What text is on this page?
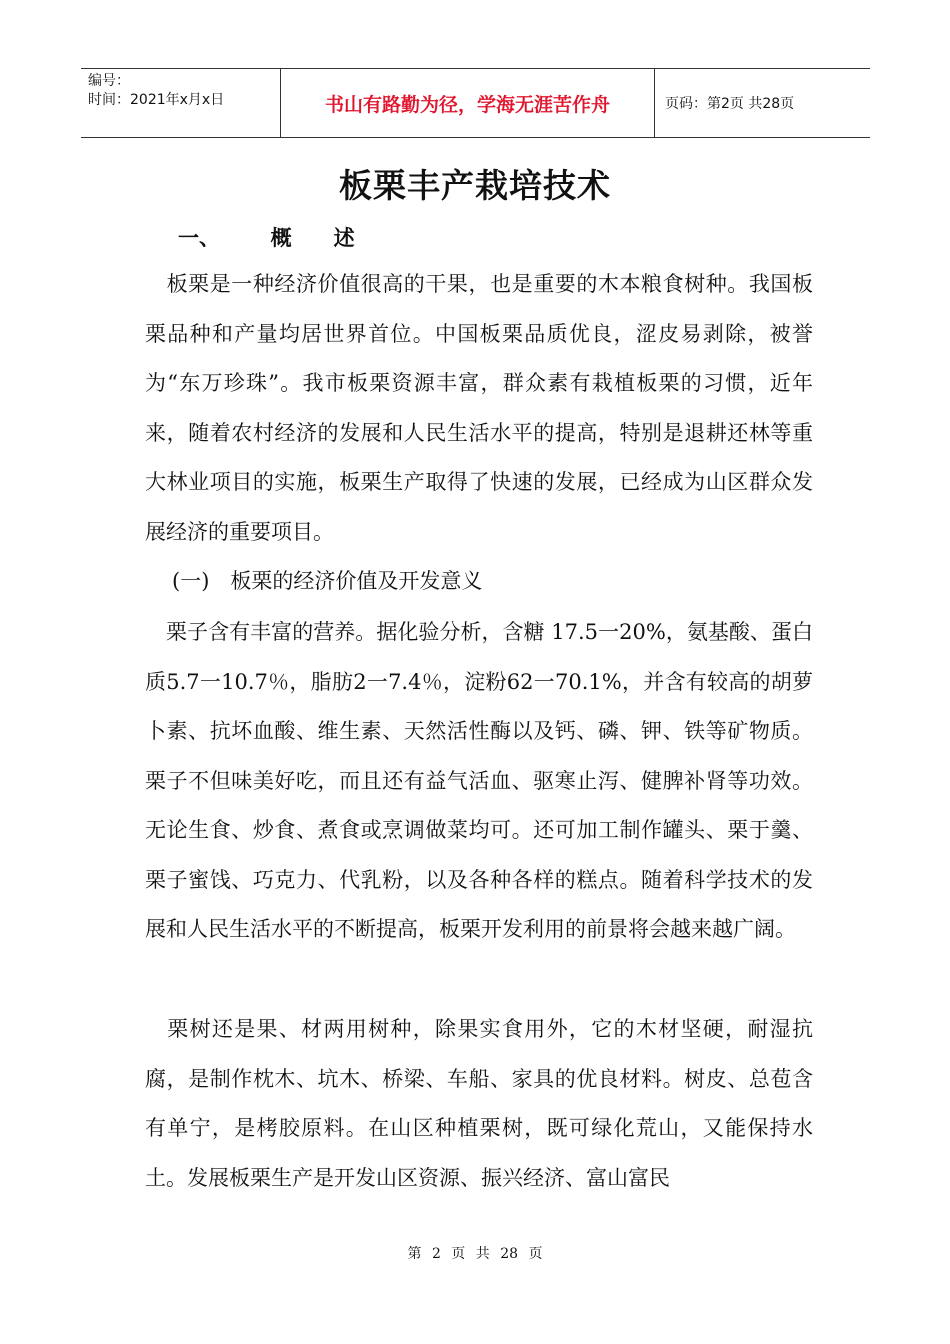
编号：
时间：2021年x月x日	书山有路勤为径，学海无涯苦作舟	页码：第2页 共28页
板栗丰产栽培技术
一、 概　　述

　板栗是一种经济价值很高的干果，也是重要的木本粮食树种。我国板栗品种和产量均居世界首位。中国板栗品质优良，涩皮易剥除，被誉为“东万珍珠”。我市板栗资源丰富，群众素有栽植板栗的习惯，近年来，随着农村经济的发展和人民生活水平的提高，特别是退耕还林等重大林业项目的实施，板栗生产取得了快速的发展，已经成为山区群众发展经济的重要项目。

(一)　板栗的经济价值及开发意义

　栗子含有丰富的营养。据化验分析，含糖 17.5一20%，氨基酸、蛋白质5.7一10.7％，脂肪2一7.4％，淀粉62一70.1%，并含有较高的胡萝卜素、抗坏血酸、维生素、天然活性酶以及钙、磷、钾、铁等矿物质。栗子不但味美好吃，而且还有益气活血、驱寒止泻、健脾补肾等功效。无论生食、炒食、煮食或烹调做菜均可。还可加工制作罐头、栗于羹、栗子蜜饯、巧克力、代乳粉，以及各种各样的糕点。随着科学技术的发展和人民生活水平的不断提高，板栗开发利用的前景将会越来越广阔。

　栗树还是果、材两用树种，除果实食用外，它的木材坚硬，耐湿抗腐，是制作枕木、坑木、桥梁、车船、家具的优良材料。树皮、总苞含有单宁，是栲胶原料。在山区种植栗树，既可绿化荒山，又能保持水土。发展板栗生产是开发山区资源、振兴经济、富山富民

第 2 页 共 28 页
